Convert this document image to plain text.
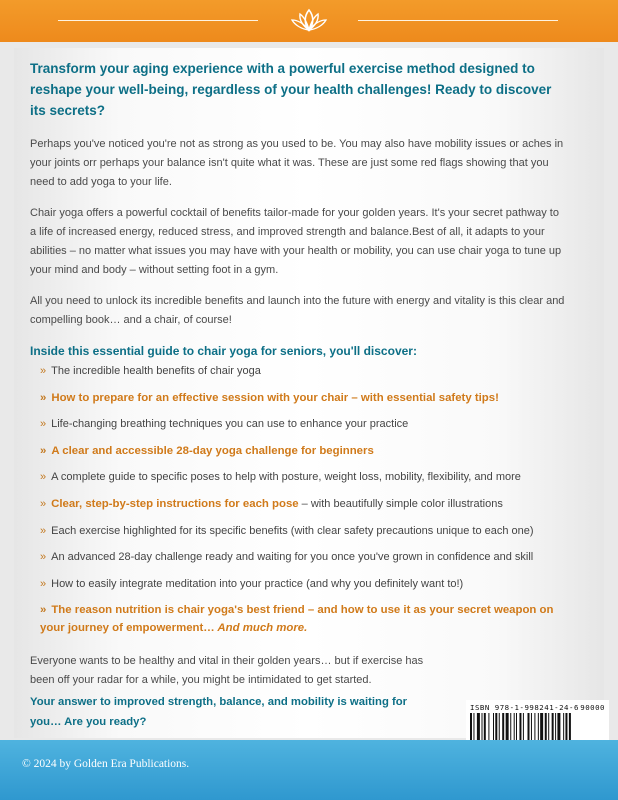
Transform your aging experience with a powerful exercise method designed to reshape your well-being, regardless of your health challenges! Ready to discover its secrets?

Perhaps you've noticed you're not as strong as you used to be. You may also have mobility issues or aches in your joints orr perhaps your balance isn't quite what it was. These are just some red flags showing that you need to add yoga to your life.

Chair yoga offers a powerful cocktail of benefits tailor-made for your golden years. It's your secret pathway to a life of increased energy, reduced stress, and improved strength and balance.Best of all, it adapts to your abilities – no matter what issues you may have with your health or mobility, you can use chair yoga to tune up your mind and body – without setting foot in a gym.

All you need to unlock its incredible benefits and launch into the future with energy and vitality is this clear and compelling book… and a chair, of course!

Inside this essential guide to chair yoga for seniors, you'll discover:

» The incredible health benefits of chair yoga
» How to prepare for an effective session with your chair – with essential safety tips!
» Life-changing breathing techniques you can use to enhance your practice
» A clear and accessible 28-day yoga challenge for beginners
» A complete guide to specific poses to help with posture, weight loss, mobility, flexibility, and more
» Clear, step-by-step instructions for each pose – with beautifully simple color illustrations
» Each exercise highlighted for its specific benefits (with clear safety precautions unique to each one)
» An advanced 28-day challenge ready and waiting for you once you've grown in confidence and skill
» How to easily integrate meditation into your practice (and why you definitely want to!)
» The reason nutrition is chair yoga's best friend – and how to use it as your secret weapon on your journey of empowerment… And much more.

Everyone wants to be healthy and vital in their golden years… but if exercise has been off your radar for a while, you might be intimidated to get started.

Your answer to improved strength, balance, and mobility is waiting for you… Are you ready?

ISBN 978-1-998241-24-6 90000
© 2024 by Golden Era Publications.
